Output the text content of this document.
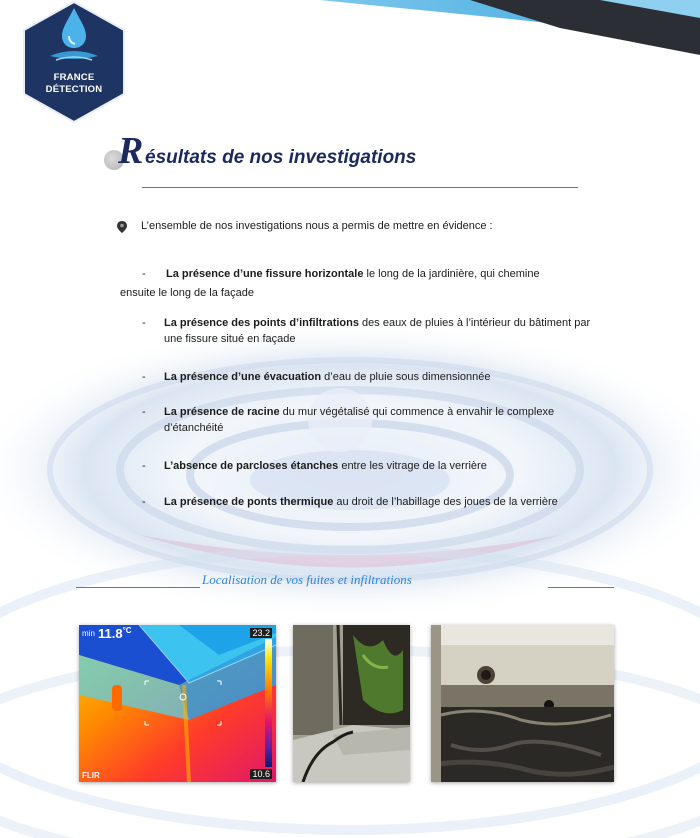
FRANCE
DÉTECTION
R ésultats de nos investigations
L’ensemble de nos investigations nous a permis de mettre en évidence :
- La présence d’une fissure horizontale le long de la jardinière, qui chemine
ensuite le long de la façade
- La présence des points d’infiltrations des eaux de pluies à l’intérieur du bâtiment par une fissure situé en façade
- La présence d’une évacuation d’eau de pluie sous dimensionnée
- La présence de racine du mur végétalisé qui commence à envahir le complexe d’étanchéité
- L’absence de parcloses étanches entre les vitrage de la verrière
- La présence de ponts thermique au droit de l’habillage des joues de la verrière
Localisation de vos fuites et infiltrations
$\min 11.8^{^\circ C}$	23.2
10.6
FLIR
